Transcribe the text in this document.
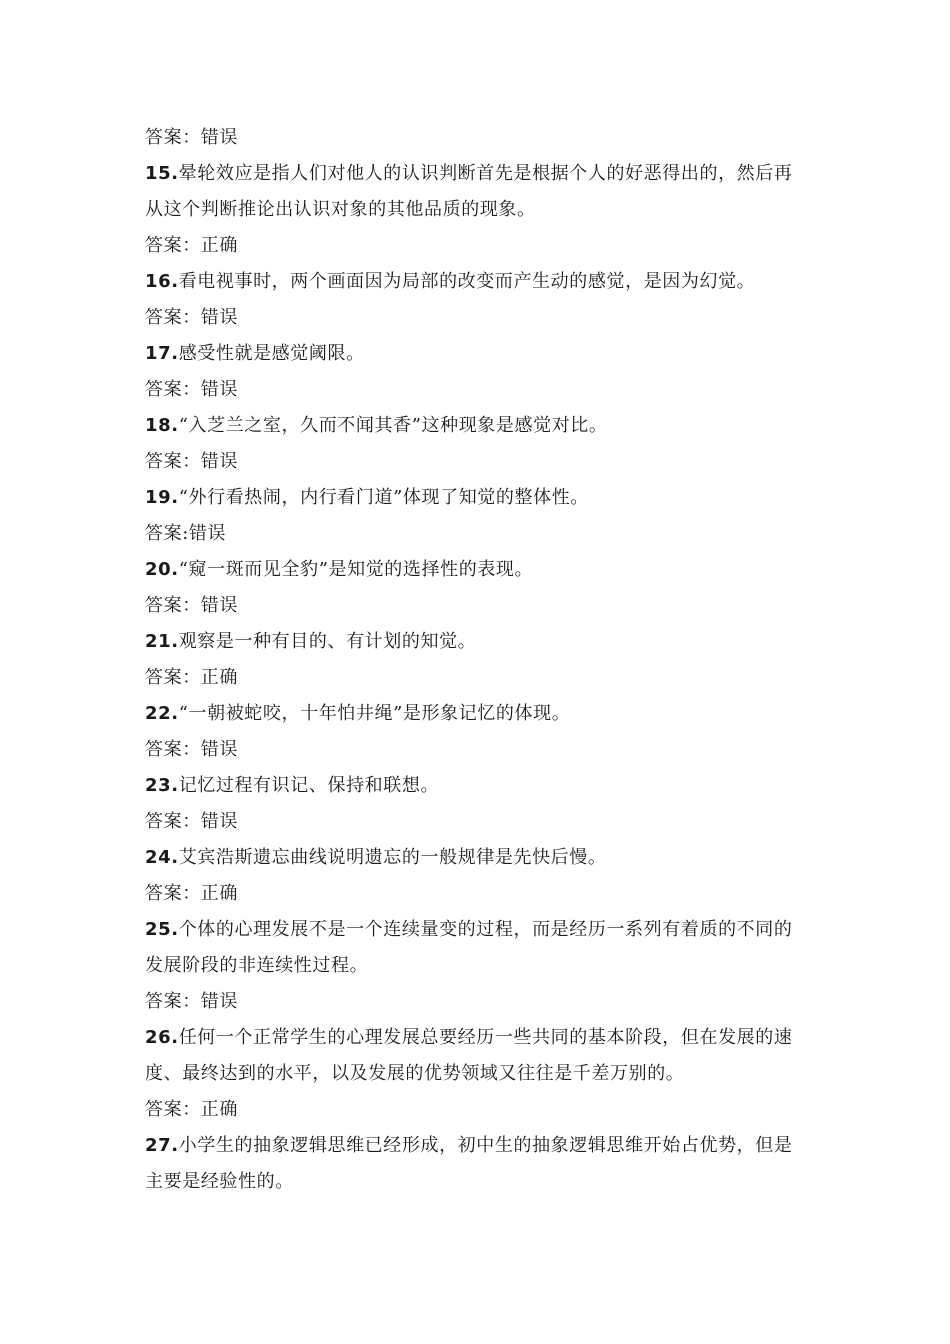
答案：错误
15.晕轮效应是指人们对他人的认识判断首先是根据个人的好恶得出的，然后再
从这个判断推论出认识对象的其他品质的现象。
答案：正确
16.看电视事时，两个画面因为局部的改变而产生动的感觉，是因为幻觉。
答案：错误
17.感受性就是感觉阈限。
答案：错误
18.“入芝兰之室，久而不闻其香”这种现象是感觉对比。
答案：错误
19.“外行看热闹，内行看门道”体现了知觉的整体性。
答案:错误
20.“窥一斑而见全豹”是知觉的选择性的表现。
答案：错误
21.观察是一种有目的、有计划的知觉。
答案：正确
22.“一朝被蛇咬，十年怕井绳”是形象记忆的体现。
答案：错误
23.记忆过程有识记、保持和联想。
答案：错误
24.艾宾浩斯遗忘曲线说明遗忘的一般规律是先快后慢。
答案：正确
25.个体的心理发展不是一个连续量变的过程，而是经历一系列有着质的不同的
发展阶段的非连续性过程。
答案：错误
26.任何一个正常学生的心理发展总要经历一些共同的基本阶段，但在发展的速
度、最终达到的水平，以及发展的优势领域又往往是千差万别的。
答案：正确
27.小学生的抽象逻辑思维已经形成，初中生的抽象逻辑思维开始占优势，但是
主要是经验性的。
